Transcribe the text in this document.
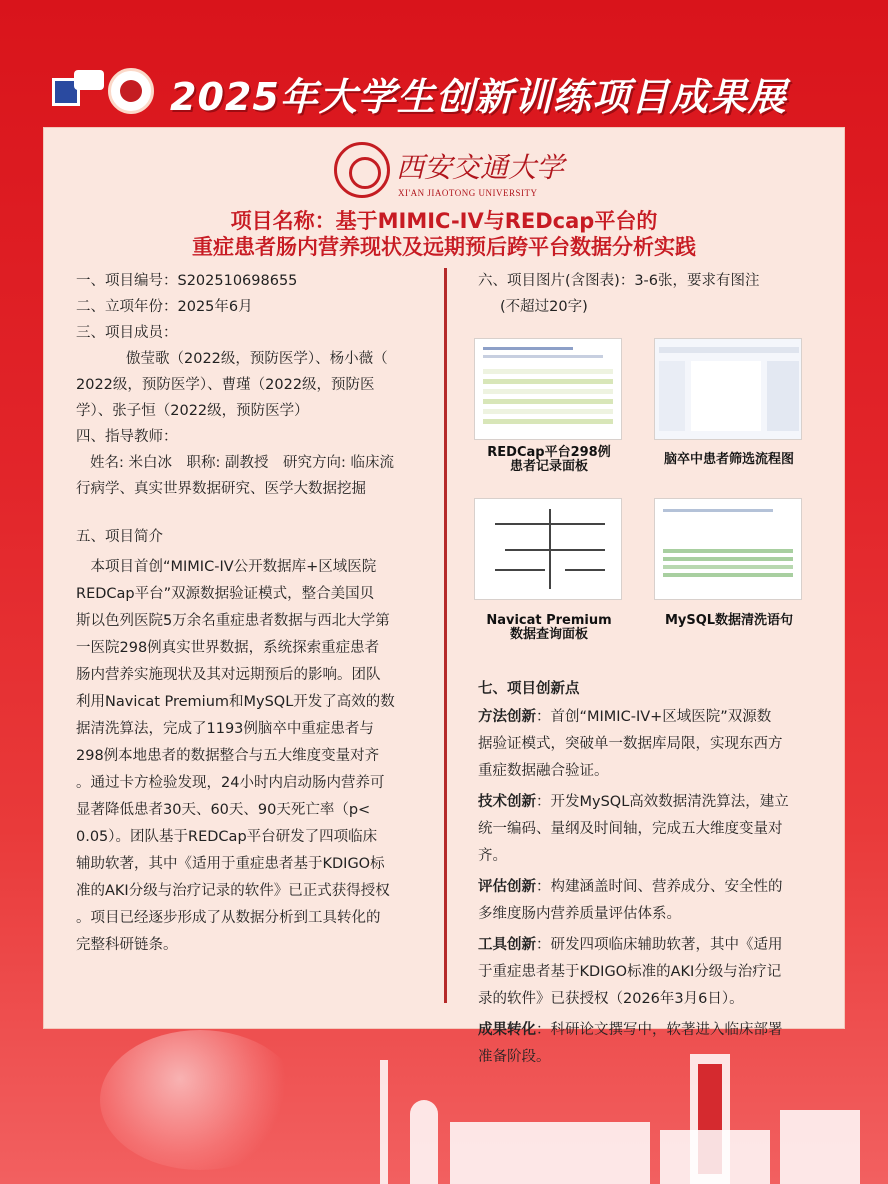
2025年大学生创新训练项目成果展
西安交通大学
XI'AN JIAOTONG UNIVERSITY
项目名称：基于MIMIC-IV与REDcap平台的
重症患者肠内营养现状及远期预后跨平台数据分析实践
一、项目编号：S202510698655
二、立项年份：2025年6月
三、项目成员：
傲莹歌（2022级，预防医学）、杨小薇（
2022级，预防医学）、曹瑾（2022级，预防医
学）、张子恒（2022级，预防医学）
四、指导教师：
姓名: 米白冰　职称: 副教授　研究方向: 临床流
行病学、真实世界数据研究、医学大数据挖掘
五、项目简介
　本项目首创“MIMIC-IV公开数据库+区域医院
REDCap平台”双源数据验证模式，整合美国贝
斯以色列医院5万余名重症患者数据与西北大学第
一医院298例真实世界数据，系统探索重症患者
肠内营养实施现状及其对远期预后的影响。团队
利用Navicat Premium和MySQL开发了高效的数
据清洗算法，完成了1193例脑卒中重症患者与
298例本地患者的数据整合与五大维度变量对齐
。通过卡方检验发现，24小时内启动肠内营养可
显著降低患者30天、60天、90天死亡率（p<
0.05）。团队基于REDCap平台研发了四项临床
辅助软著，其中《适用于重症患者基于KDIGO标
准的AKI分级与治疗记录的软件》已正式获得授权
。项目已经逐步形成了从数据分析到工具转化的
完整科研链条。
六、项目图片(含图表)：3-6张，要求有图注
(不超过20字)
REDCap平台298例
患者记录面板	脑卒中患者筛选流程图
Navicat Premium
数据查询面板
MySQL数据清洗语句
七、项目创新点

方法创新：首创“MIMIC-IV+区域医院”双源数

据验证模式，突破单一数据库局限，实现东西方

重症数据融合验证。

技术创新：开发MySQL高效数据清洗算法，建立

统一编码、量纲及时间轴，完成五大维度变量对

齐。

评估创新：构建涵盖时间、营养成分、安全性的

多维度肠内营养质量评估体系。

工具创新：研发四项临床辅助软著，其中《适用

于重症患者基于KDIGO标准的AKI分级与治疗记

录的软件》已获授权（2026年3月6日）。

成果转化：科研论文撰写中，软著进入临床部署

准备阶段。
